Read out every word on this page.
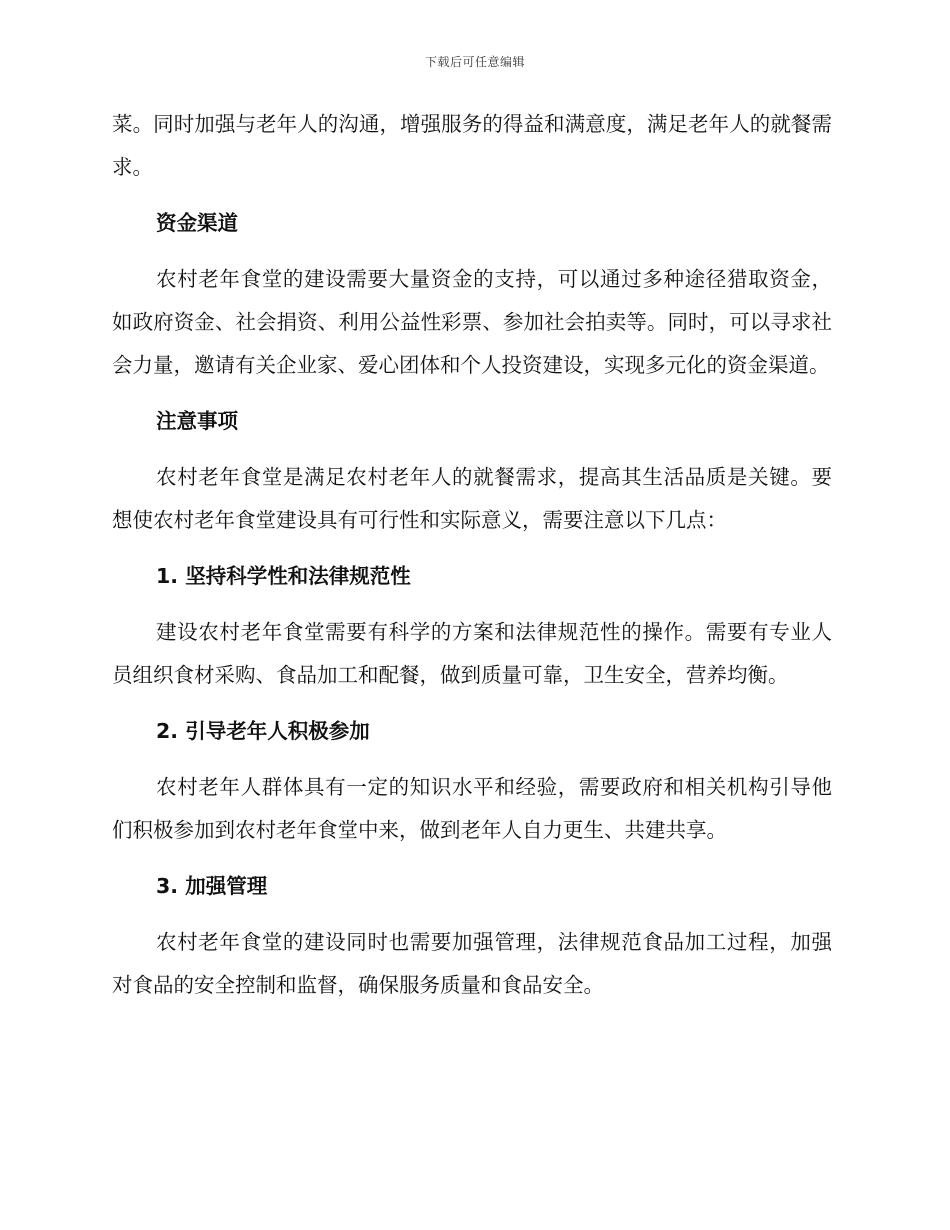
下载后可任意编辑

菜。同时加强与老年人的沟通，增强服务的得益和满意度，满足老年人的就餐需求。

资金渠道

农村老年食堂的建设需要大量资金的支持，可以通过多种途径猎取资金，如政府资金、社会捐资、利用公益性彩票、参加社会拍卖等。同时，可以寻求社会力量，邀请有关企业家、爱心团体和个人投资建设，实现多元化的资金渠道。

注意事项

农村老年食堂是满足农村老年人的就餐需求，提高其生活品质是关键。要想使农村老年食堂建设具有可行性和实际意义，需要注意以下几点：

1. 坚持科学性和法律规范性

建设农村老年食堂需要有科学的方案和法律规范性的操作。需要有专业人员组织食材采购、食品加工和配餐，做到质量可靠，卫生安全，营养均衡。

2. 引导老年人积极参加

农村老年人群体具有一定的知识水平和经验，需要政府和相关机构引导他们积极参加到农村老年食堂中来，做到老年人自力更生、共建共享。

3. 加强管理

农村老年食堂的建设同时也需要加强管理，法律规范食品加工过程，加强对食品的安全控制和监督，确保服务质量和食品安全。
